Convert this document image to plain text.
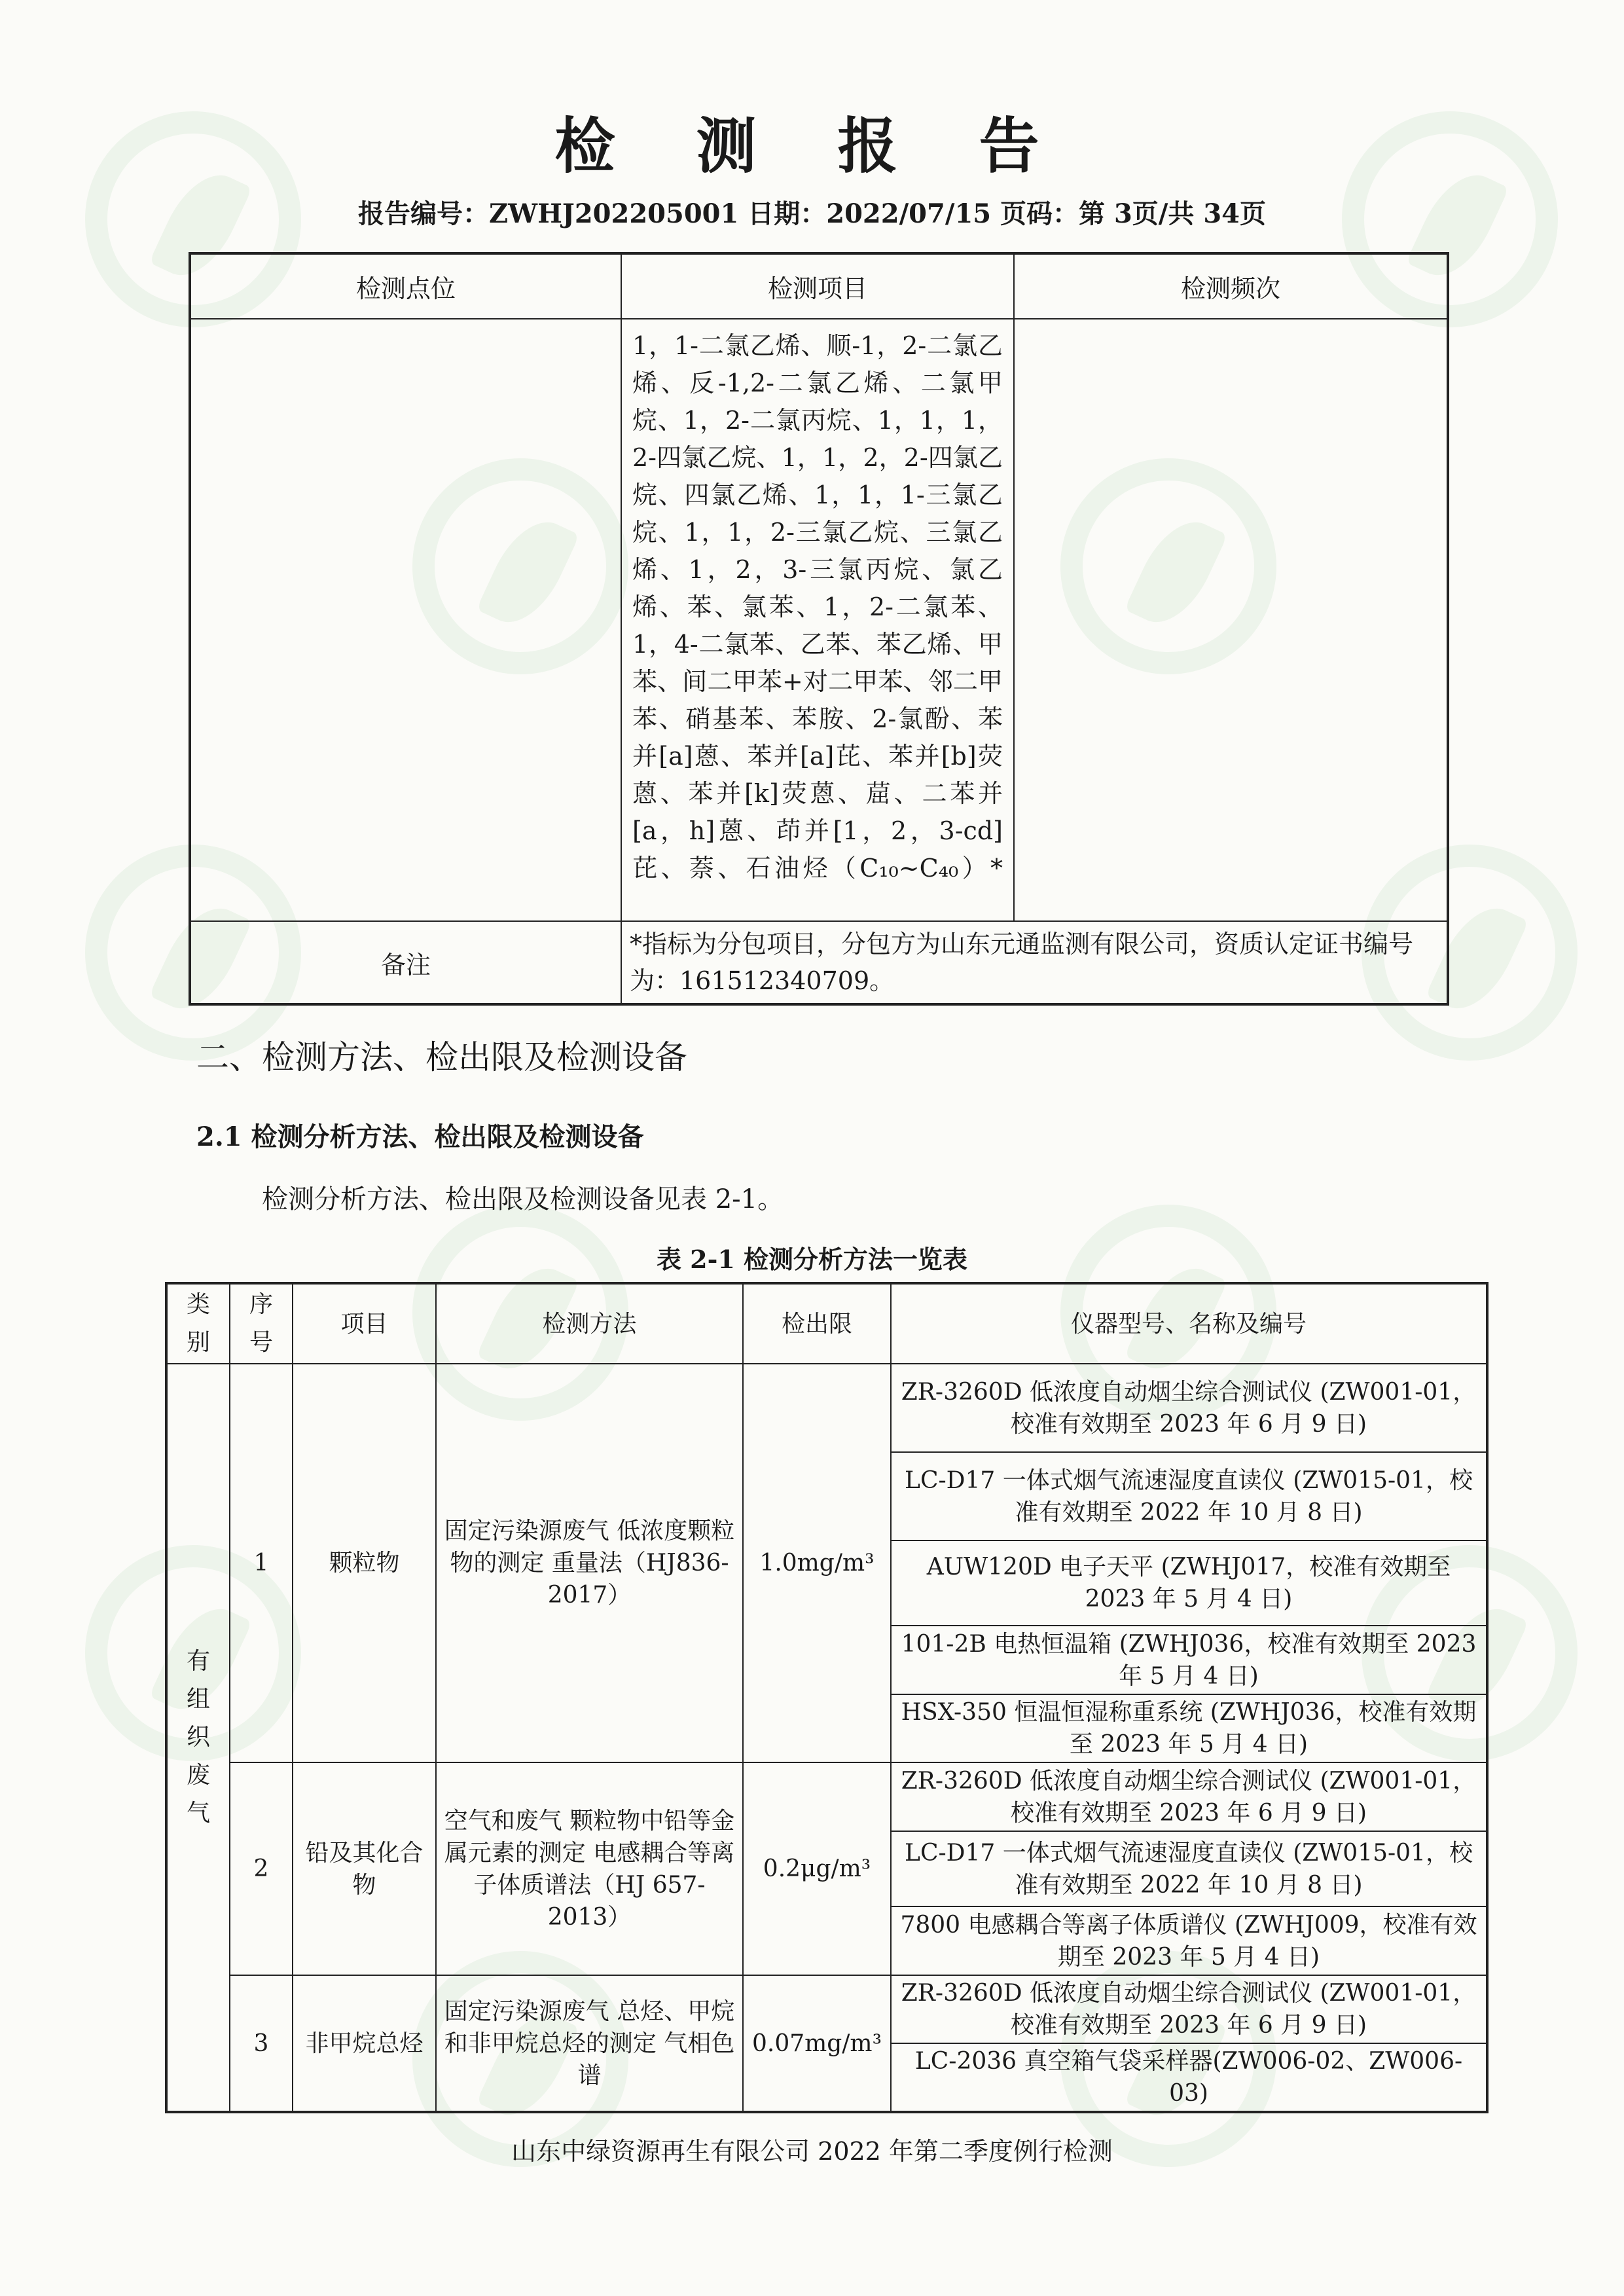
检 测 报 告
报告编号：ZWHJ202205001 日期：2022/07/15 页码：第 3页/共 34页
检测点位	检测项目	检测频次
	1，1-二氯乙烯、顺-1，2-二氯乙烯、反-1,2-二氯乙烯、二氯甲烷、1，2-二氯丙烷、1，1，1，2-四氯乙烷、1，1，2，2-四氯乙烷、四氯乙烯、1，1，1-三氯乙烷、1，1，2-三氯乙烷、三氯乙烯、1，2，3-三氯丙烷、氯乙烯、苯、氯苯、1，2-二氯苯、1，4-二氯苯、乙苯、苯乙烯、甲苯、间二甲苯+对二甲苯、邻二甲苯、硝基苯、苯胺、2-氯酚、苯并[a]蒽、苯并[a]芘、苯并[b]荧蒽、苯并[k]荧蒽、䓛、二苯并[a，h]蒽、茚并[1，2，3-cd]芘、萘、石油烃（C₁₀~C₄₀）*	
备注	*指标为分包项目，分包方为山东元通监测有限公司，资质认定证书编号为：161512340709。	
二、检测方法、检出限及检测设备
2.1 检测分析方法、检出限及检测设备
检测分析方法、检出限及检测设备见表 2-1。
表 2-1 检测分析方法一览表
类别	序号	项目	检测方法	检出限	仪器型号、名称及编号

有组织废气	1	颗粒物	固定污染源废气 低浓度颗粒物的测定 重量法（HJ836-2017）	1.0mg/m³	ZR-3260D 低浓度自动烟尘综合测试仪 (ZW001-01，校准有效期至 2023 年 6 月 9 日)
					LC-D17 一体式烟气流速湿度直读仪 (ZW015-01，校准有效期至 2022 年 10 月 8 日)
					AUW120D 电子天平 (ZWHJ017，校准有效期至 2023 年 5 月 4 日)
					101-2B 电热恒温箱 (ZWHJ036，校准有效期至 2023 年 5 月 4 日)
					HSX-350 恒温恒湿称重系统 (ZWHJ036，校准有效期至 2023 年 5 月 4 日)
	2	铅及其化合物	空气和废气 颗粒物中铅等金属元素的测定 电感耦合等离子体质谱法（HJ 657-2013）	0.2μg/m³	ZR-3260D 低浓度自动烟尘综合测试仪 (ZW001-01，校准有效期至 2023 年 6 月 9 日)
					LC-D17 一体式烟气流速湿度直读仪 (ZW015-01，校准有效期至 2022 年 10 月 8 日)
					7800 电感耦合等离子体质谱仪 (ZWHJ009，校准有效期至 2023 年 5 月 4 日)
	3	非甲烷总烃	固定污染源废气 总烃、甲烷和非甲烷总烃的测定 气相色谱	0.07mg/m³	ZR-3260D 低浓度自动烟尘综合测试仪 (ZW001-01，校准有效期至 2023 年 6 月 9 日)
					LC-2036 真空箱气袋采样器(ZW006-02、ZW006-03)
山东中绿资源再生有限公司 2022 年第二季度例行检测
